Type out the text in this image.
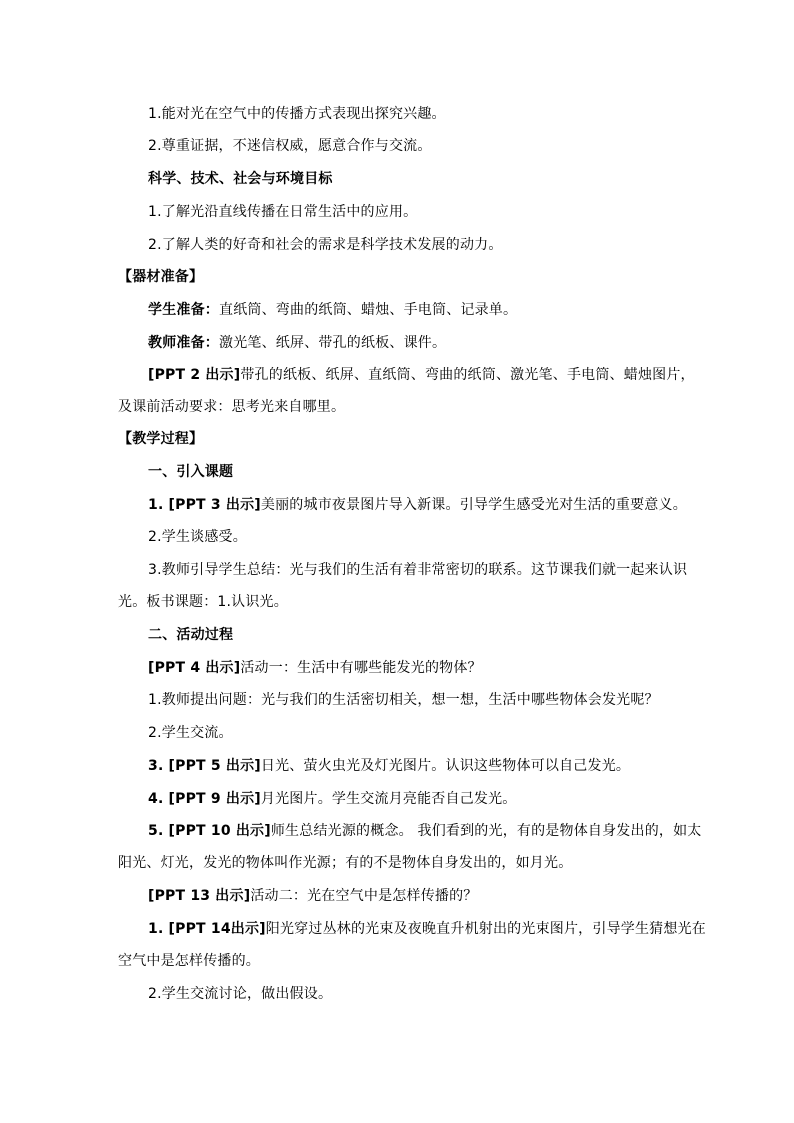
1.能对光在空气中的传播方式表现出探究兴趣。
2.尊重证据，不迷信权威，愿意合作与交流。
科学、技术、社会与环境目标
1.了解光沿直线传播在日常生活中的应用。
2.了解人类的好奇和社会的需求是科学技术发展的动力。
【器材准备】
学生准备：直纸筒、弯曲的纸筒、蜡烛、手电筒、记录单。
教师准备：激光笔、纸屏、带孔的纸板、课件。
[PPT 2 出示]带孔的纸板、纸屏、直纸筒、弯曲的纸筒、激光笔、手电筒、蜡烛图片，
及课前活动要求：思考光来自哪里。
【教学过程】
一、引入课题
1. [PPT 3 出示]美丽的城市夜景图片导入新课。引导学生感受光对生活的重要意义。
2.学生谈感受。
3.教师引导学生总结：光与我们的生活有着非常密切的联系。这节课我们就一起来认识
光。板书课题：1.认识光。
二、活动过程
[PPT 4 出示]活动一：生活中有哪些能发光的物体？
1.教师提出问题：光与我们的生活密切相关，想一想，生活中哪些物体会发光呢？
2.学生交流。
3. [PPT 5 出示]日光、萤火虫光及灯光图片。认识这些物体可以自己发光。
4. [PPT 9 出示]月光图片。学生交流月亮能否自己发光。
5. [PPT 10 出示]师生总结光源的概念。 我们看到的光，有的是物体自身发出的，如太
阳光、灯光，发光的物体叫作光源；有的不是物体自身发出的，如月光。
[PPT 13 出示]活动二：光在空气中是怎样传播的？
1. [PPT 14出示]阳光穿过丛林的光束及夜晚直升机射出的光束图片，引导学生猜想光在
空气中是怎样传播的。
2.学生交流讨论，做出假设。
